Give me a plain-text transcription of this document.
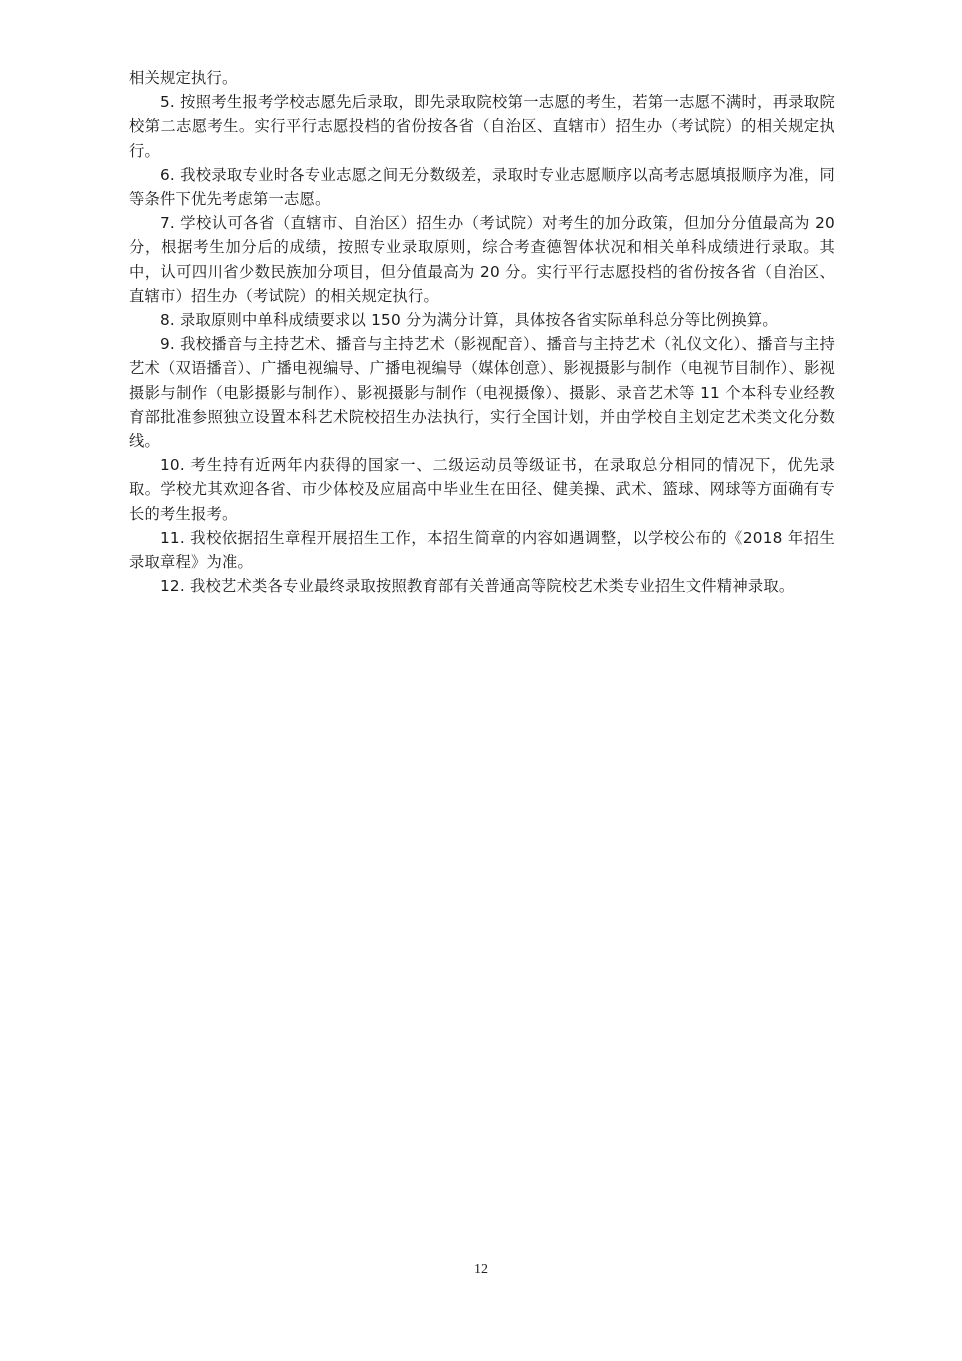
相关规定执行。

5. 按照考生报考学校志愿先后录取，即先录取院校第一志愿的考生，若第一志愿不满时，再录取院校第二志愿考生。实行平行志愿投档的省份按各省（自治区、直辖市）招生办（考试院）的相关规定执行。

6. 我校录取专业时各专业志愿之间无分数级差，录取时专业志愿顺序以高考志愿填报顺序为准，同等条件下优先考虑第一志愿。

7. 学校认可各省（直辖市、自治区）招生办（考试院）对考生的加分政策，但加分分值最高为 20 分，根据考生加分后的成绩，按照专业录取原则，综合考查德智体状况和相关单科成绩进行录取。其中，认可四川省少数民族加分项目，但分值最高为 20 分。实行平行志愿投档的省份按各省（自治区、直辖市）招生办（考试院）的相关规定执行。

8. 录取原则中单科成绩要求以 150 分为满分计算，具体按各省实际单科总分等比例换算。

9. 我校播音与主持艺术、播音与主持艺术（影视配音）、播音与主持艺术（礼仪文化）、播音与主持艺术（双语播音）、广播电视编导、广播电视编导（媒体创意）、影视摄影与制作（电视节目制作）、影视摄影与制作（电影摄影与制作）、影视摄影与制作（电视摄像）、摄影、录音艺术等 11 个本科专业经教育部批准参照独立设置本科艺术院校招生办法执行，实行全国计划，并由学校自主划定艺术类文化分数线。

10. 考生持有近两年内获得的国家一、二级运动员等级证书，在录取总分相同的情况下，优先录取。学校尤其欢迎各省、市少体校及应届高中毕业生在田径、健美操、武术、篮球、网球等方面确有专长的考生报考。

11. 我校依据招生章程开展招生工作，本招生简章的内容如遇调整，以学校公布的《2018 年招生录取章程》为准。

12. 我校艺术类各专业最终录取按照教育部有关普通高等院校艺术类专业招生文件精神录取。

12
